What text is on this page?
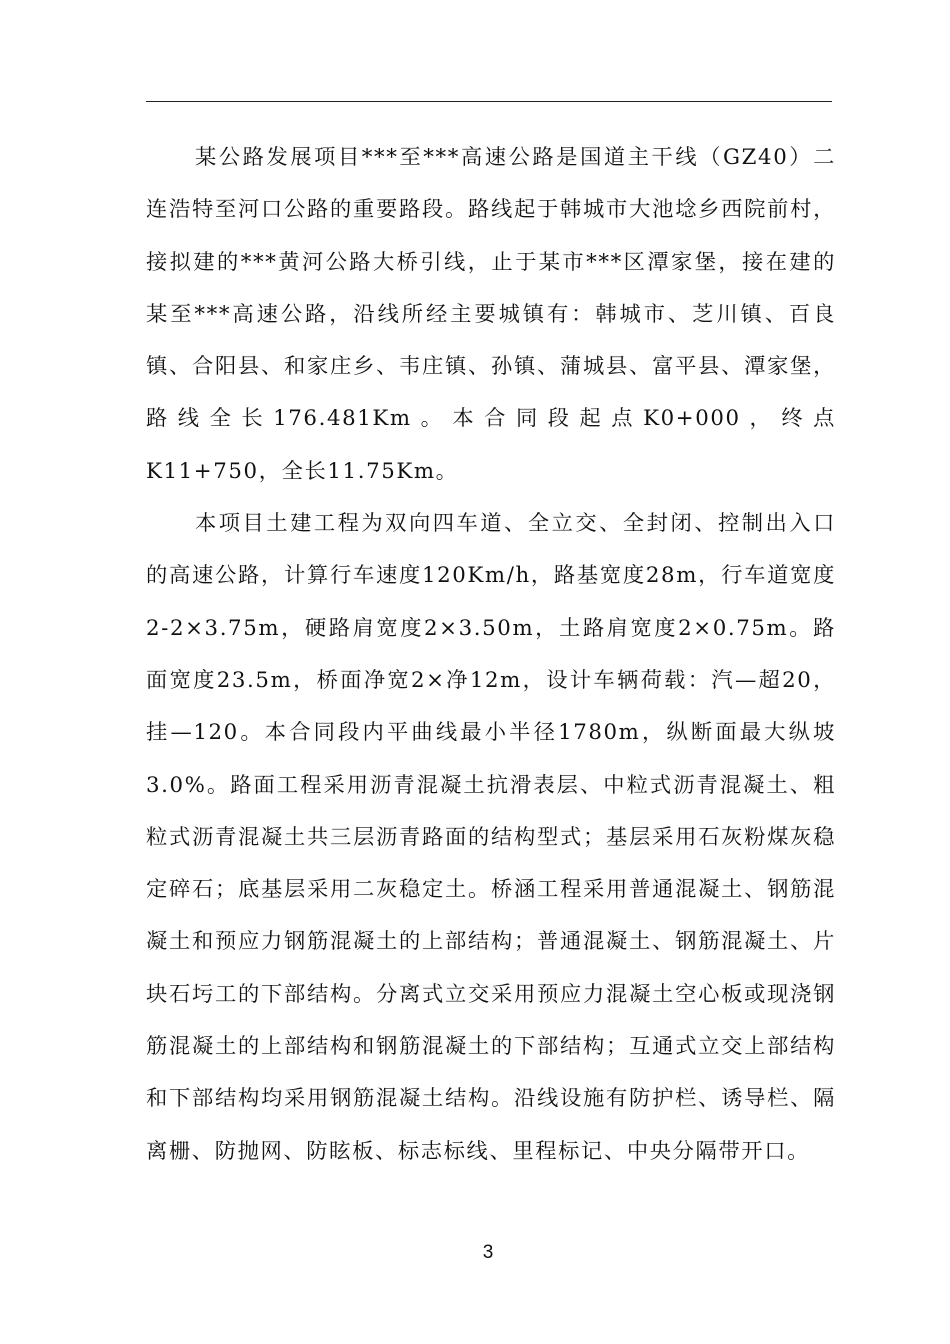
某公路发展项目***至***高速公路是国道主干线（GZ40）二连浩特至河口公路的重要路段。路线起于韩城市大池埝乡西院前村，接拟建的***黄河公路大桥引线，止于某市***区潭家堡，接在建的某至***高速公路，沿线所经主要城镇有：韩城市、芝川镇、百良镇、合阳县、和家庄乡、韦庄镇、孙镇、蒲城县、富平县、潭家堡，路线全长176.481Km。本合同段起点K0+000，终点K11+750，全长11.75Km。

本项目土建工程为双向四车道、全立交、全封闭、控制出入口的高速公路，计算行车速度120Km/h，路基宽度28m，行车道宽度2-2×3.75m，硬路肩宽度2×3.50m，土路肩宽度2×0.75m。路面宽度23.5m，桥面净宽2×净12m，设计车辆荷载：汽—超20，挂—120。本合同段内平曲线最小半径1780m，纵断面最大纵坡3.0%。路面工程采用沥青混凝土抗滑表层、中粒式沥青混凝土、粗粒式沥青混凝土共三层沥青路面的结构型式；基层采用石灰粉煤灰稳定碎石；底基层采用二灰稳定土。桥涵工程采用普通混凝土、钢筋混凝土和预应力钢筋混凝土的上部结构；普通混凝土、钢筋混凝土、片块石圬工的下部结构。分离式立交采用预应力混凝土空心板或现浇钢筋混凝土的上部结构和钢筋混凝土的下部结构；互通式立交上部结构和下部结构均采用钢筋混凝土结构。沿线设施有防护栏、诱导栏、隔离栅、防抛网、防眩板、标志标线、里程标记、中央分隔带开口。

3
